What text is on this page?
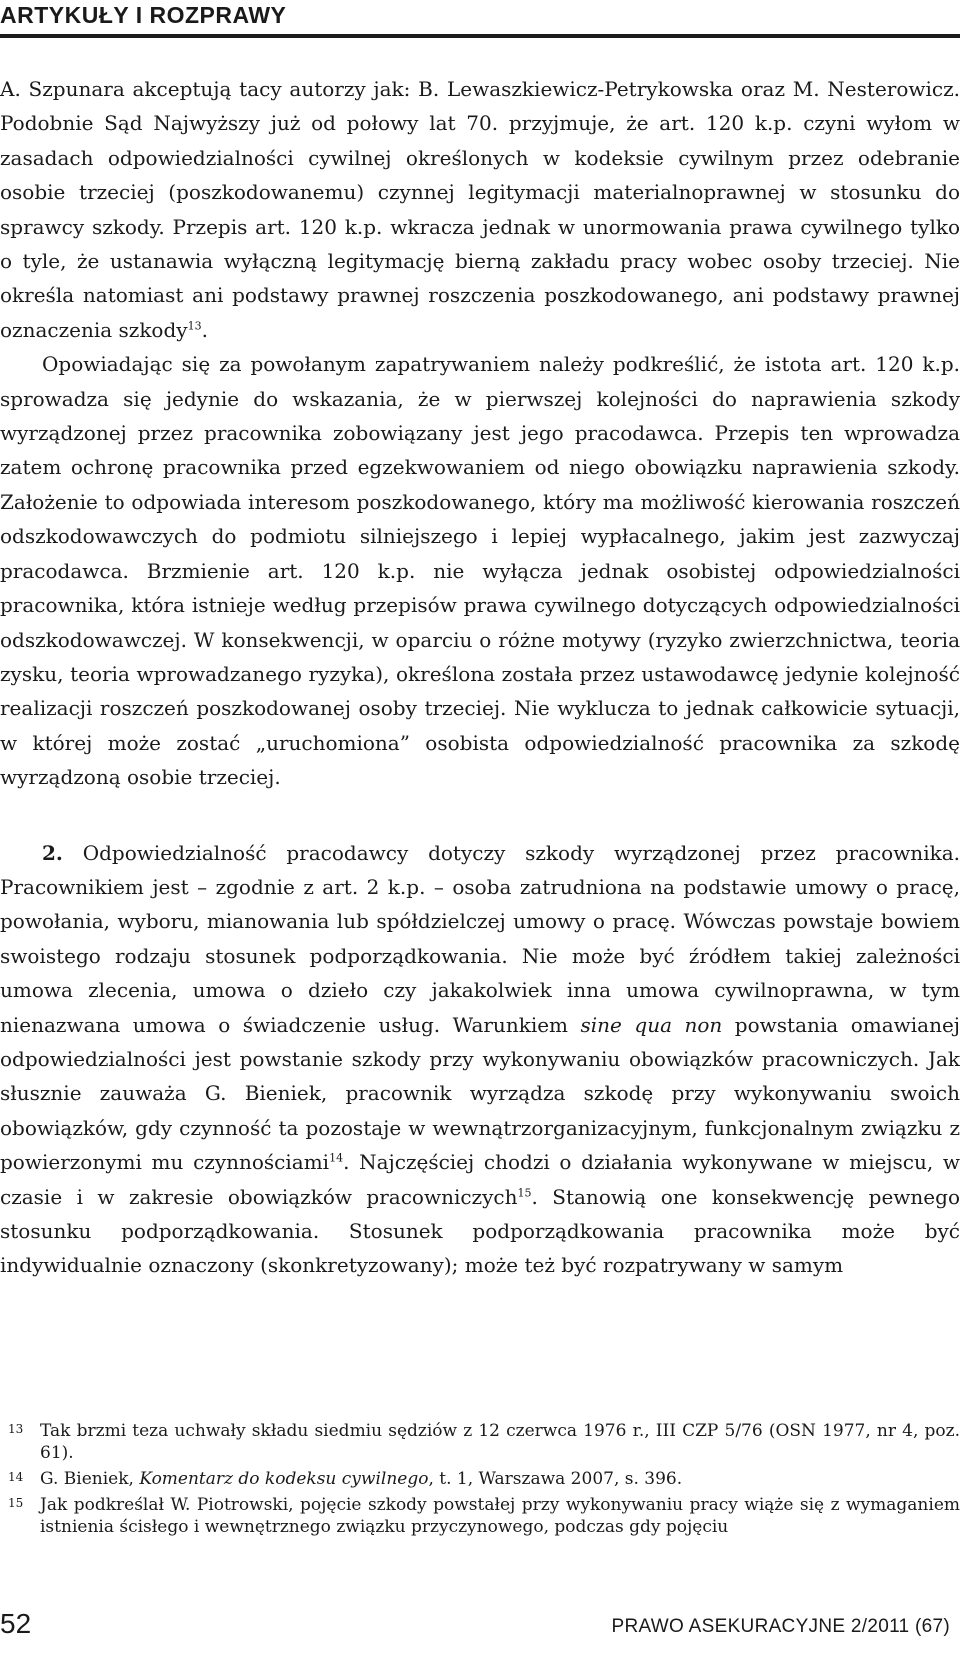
ARTYKUŁY I ROZPRAWY

A. Szpunara akceptują tacy autorzy jak: B. Lewaszkiewicz-Petrykowska oraz M. Nesterowicz. Podobnie Sąd Najwyższy już od połowy lat 70. przyjmuje, że art. 120 k.p. czyni wyłom w zasadach odpowiedzialności cywilnej określonych w kodeksie cywilnym przez odebranie osobie trzeciej (poszkodowanemu) czynnej legitymacji materialnoprawnej w stosunku do sprawcy szkody. Przepis art. 120 k.p. wkracza jednak w unormowania prawa cywilnego tylko o tyle, że ustanawia wyłączną legitymację bierną zakładu pracy wobec osoby trzeciej. Nie określa natomiast ani podstawy prawnej roszczenia poszkodowanego, ani podstawy prawnej oznaczenia szkody$^{13}$.

Opowiadając się za powołanym zapatrywaniem należy podkreślić, że istota art. 120 k.p. sprowadza się jedynie do wskazania, że w pierwszej kolejności do naprawienia szkody wyrządzonej przez pracownika zobowiązany jest jego pracodawca. Przepis ten wprowadza zatem ochronę pracownika przed egzekwowaniem od niego obowiązku naprawienia szkody. Założenie to odpowiada interesom poszkodowanego, który ma możliwość kierowania roszczeń odszkodowawczych do podmiotu silniejszego i lepiej wypłacalnego, jakim jest zazwyczaj pracodawca. Brzmienie art. 120 k.p. nie wyłącza jednak osobistej odpowiedzialności pracownika, która istnieje według przepisów prawa cywilnego dotyczących odpowiedzialności odszkodowawczej. W konsekwencji, w oparciu o różne motywy (ryzyko zwierzchnictwa, teoria zysku, teoria wprowadzanego ryzyka), określona została przez ustawodawcę jedynie kolejność realizacji roszczeń poszkodowanej osoby trzeciej. Nie wyklucza to jednak całkowicie sytuacji, w której może zostać „uruchomiona” osobista odpowiedzialność pracownika za szkodę wyrządzoną osobie trzeciej.

2. Odpowiedzialność pracodawcy dotyczy szkody wyrządzonej przez pracownika. Pracownikiem jest – zgodnie z art. 2 k.p. – osoba zatrudniona na podstawie umowy o pracę, powołania, wyboru, mianowania lub spółdzielczej umowy o pracę. Wówczas powstaje bowiem swoistego rodzaju stosunek podporządkowania. Nie może być źródłem takiej zależności umowa zlecenia, umowa o dzieło czy jakakolwiek inna umowa cywilnoprawna, w tym nienazwana umowa o świadczenie usług. Warunkiem sine qua non powstania omawianej odpowiedzialności jest powstanie szkody przy wykonywaniu obowiązków pracowniczych. Jak słusznie zauważa G. Bieniek, pracownik wyrządza szkodę przy wykonywaniu swoich obowiązków, gdy czynność ta pozostaje w wewnątrzorganizacyjnym, funkcjonalnym związku z powierzonymi mu czynnościami$^{14}$. Najczęściej chodzi o działania wykonywane w miejscu, w czasie i w zakresie obowiązków pracowniczych$^{15}$. Stanowią one konsekwencję pewnego stosunku podporządkowania. Stosunek podporządkowania pracownika może być indywidualnie oznaczony (skonkretyzowany); może też być rozpatrywany w samym

13 Tak brzmi teza uchwały składu siedmiu sędziów z 12 czerwca 1976 r., III CZP 5/76 (OSN 1977, nr 4, poz. 61).
14 G. Bieniek, Komentarz do kodeksu cywilnego, t. 1, Warszawa 2007, s. 396.
15 Jak podkreślał W. Piotrowski, pojęcie szkody powstałej przy wykonywaniu pracy wiąże się z wymaganiem istnienia ścisłego i wewnętrznego związku przyczynowego, podczas gdy pojęciu
52	PRAWO ASEKURACYJNE 2/2011 (67)
